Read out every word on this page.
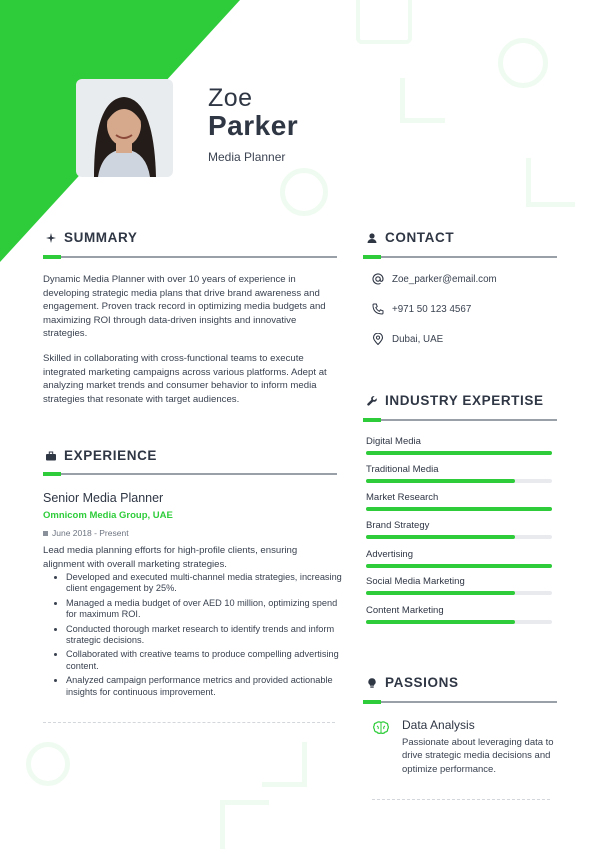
Zoe
Parker
Media Planner
SUMMARY
Dynamic Media Planner with over 10 years of experience in developing strategic media plans that drive brand awareness and engagement. Proven track record in optimizing media budgets and maximizing ROI through data-driven insights and innovative strategies.
Skilled in collaborating with cross-functional teams to execute integrated marketing campaigns across various platforms. Adept at analyzing market trends and consumer behavior to inform media strategies that resonate with target audiences.
EXPERIENCE
Senior Media Planner
Omnicom Media Group, UAE
June 2018 - Present
Lead media planning efforts for high-profile clients, ensuring alignment with overall marketing strategies.
• Developed and executed multi-channel media strategies, increasing client engagement by 25%.
• Managed a media budget of over AED 10 million, optimizing spend for maximum ROI.
• Conducted thorough market research to identify trends and inform strategic decisions.
• Collaborated with creative teams to produce compelling advertising content.
• Analyzed campaign performance metrics and provided actionable insights for continuous improvement.
CONTACT
Zoe_parker@email.com
+971 50 123 4567
Dubai, UAE
INDUSTRY EXPERTISE
Digital Media
Traditional Media
Market Research
Brand Strategy
Advertising
Social Media Marketing
Content Marketing
PASSIONS
Data Analysis
Passionate about leveraging data to drive strategic media decisions and optimize performance.
